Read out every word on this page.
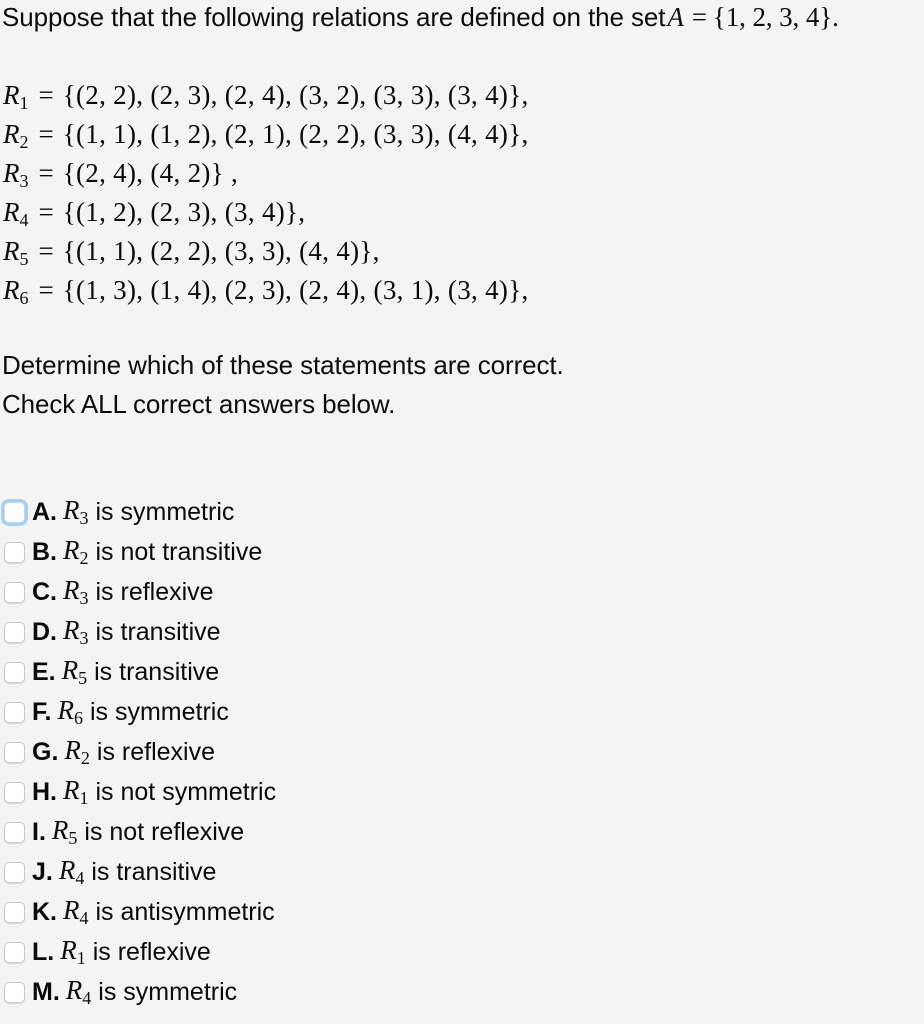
Suppose that the following relations are defined on the setA = {1, 2, 3, 4}.
R1 = {(2, 2), (2, 3), (2, 4), (3, 2), (3, 3), (3, 4)},
R2 = {(1, 1), (1, 2), (2, 1), (2, 2), (3, 3), (4, 4)},
R3 = {(2, 4), (4, 2)} ,
R4 = {(1, 2), (2, 3), (3, 4)},
R5 = {(1, 1), (2, 2), (3, 3), (4, 4)},
R6 = {(1, 3), (1, 4), (2, 3), (2, 4), (3, 1), (3, 4)},
Determine which of these statements are correct.
Check ALL correct answers below.
A. R3 is symmetric
B. R2 is not transitive
C. R3 is reflexive
D. R3 is transitive
E. R5 is transitive
F. R6 is symmetric
G. R2 is reflexive
H. R1 is not symmetric
I. R5 is not reflexive
J. R4 is transitive
K. R4 is antisymmetric
L. R1 is reflexive
M. R4 is symmetric
